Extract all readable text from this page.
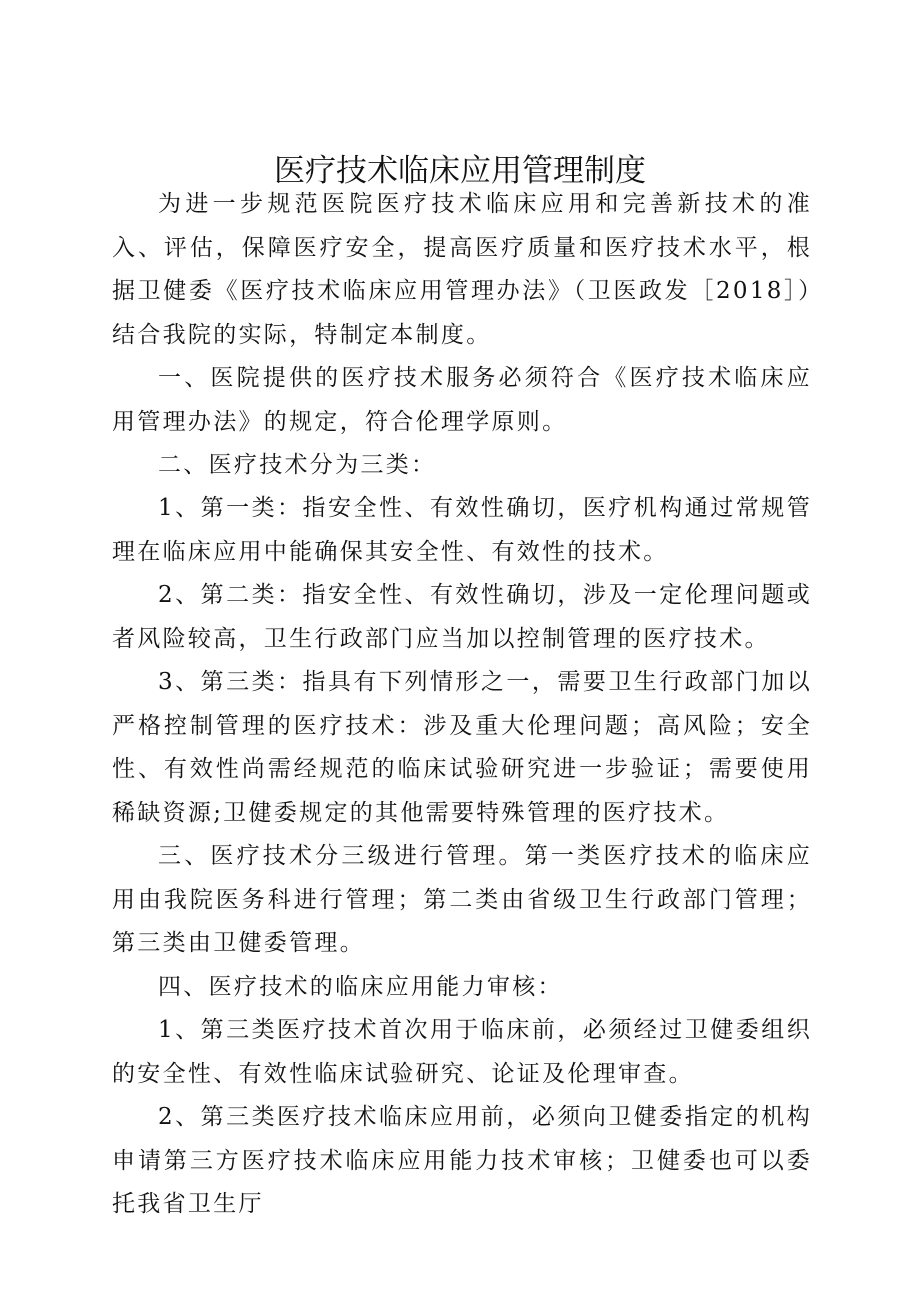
医疗技术临床应用管理制度

为进一步规范医院医疗技术临床应用和完善新技术的准入、评估，保障医疗安全，提高医疗质量和医疗技术水平，根据卫健委《医疗技术临床应用管理办法》（卫医政发［2018］）结合我院的实际，特制定本制度。

一、医院提供的医疗技术服务必须符合《医疗技术临床应用管理办法》的规定，符合伦理学原则。

二、医疗技术分为三类：

1、第一类：指安全性、有效性确切，医疗机构通过常规管理在临床应用中能确保其安全性、有效性的技术。

2、第二类：指安全性、有效性确切，涉及一定伦理问题或者风险较高，卫生行政部门应当加以控制管理的医疗技术。

3、第三类：指具有下列情形之一，需要卫生行政部门加以严格控制管理的医疗技术：涉及重大伦理问题；高风险；安全性、有效性尚需经规范的临床试验研究进一步验证；需要使用稀缺资源;卫健委规定的其他需要特殊管理的医疗技术。

三、医疗技术分三级进行管理。第一类医疗技术的临床应用由我院医务科进行管理；第二类由省级卫生行政部门管理；第三类由卫健委管理。

四、医疗技术的临床应用能力审核：

1、第三类医疗技术首次用于临床前，必须经过卫健委组织的安全性、有效性临床试验研究、论证及伦理审查。

2、第三类医疗技术临床应用前，必须向卫健委指定的机构申请第三方医疗技术临床应用能力技术审核；卫健委也可以委托我省卫生厅
